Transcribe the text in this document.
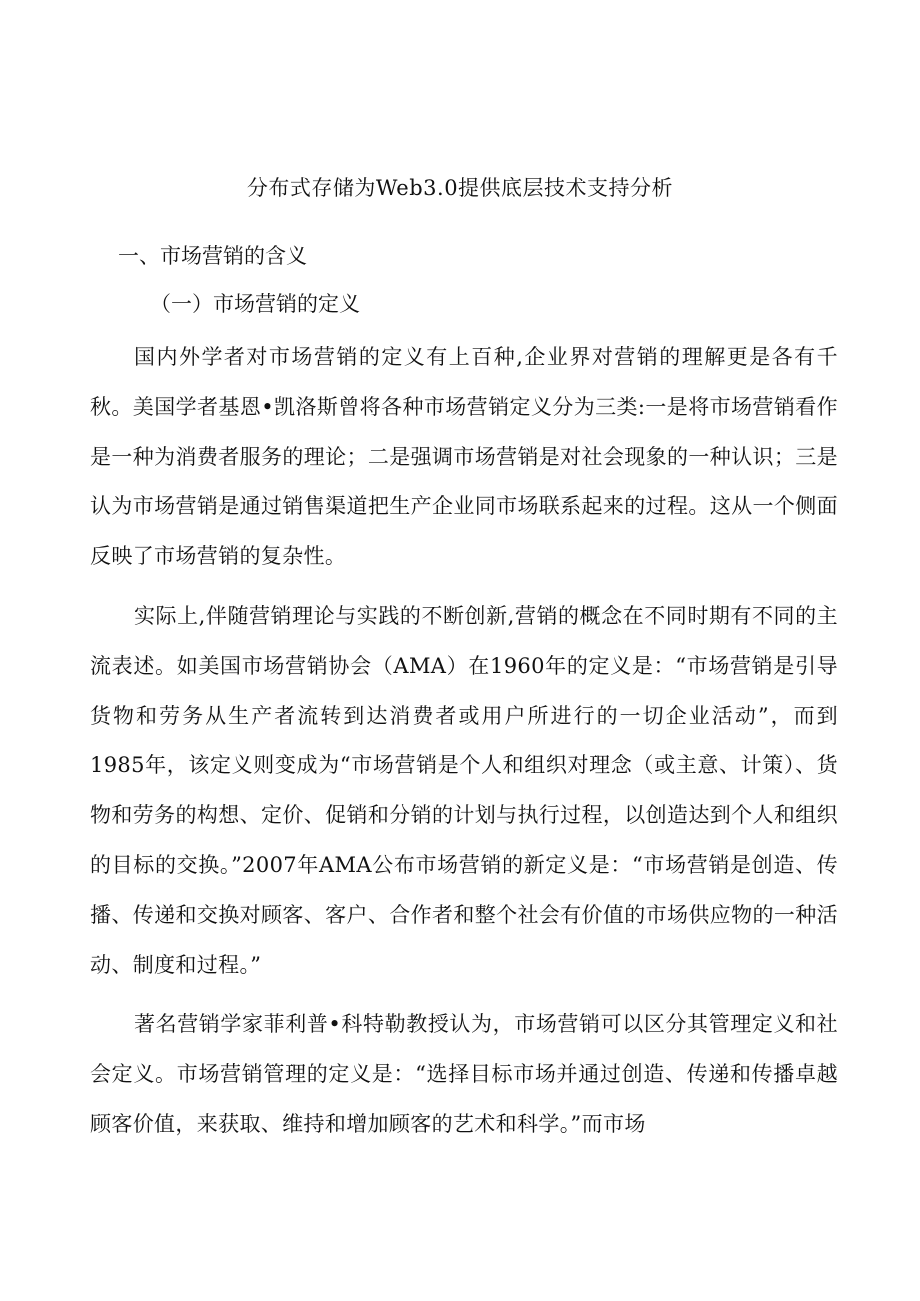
分布式存储为Web3.0提供底层技术支持分析
一、市场营销的含义
（一）市场营销的定义

国内外学者对市场营销的定义有上百种,企业界对营销的理解更是各有千秋。美国学者基恩•凯洛斯曾将各种市场营销定义分为三类:一是将市场营销看作是一种为消费者服务的理论；二是强调市场营销是对社会现象的一种认识；三是认为市场营销是通过销售渠道把生产企业同市场联系起来的过程。这从一个侧面反映了市场营销的复杂性。

实际上,伴随营销理论与实践的不断创新,营销的概念在不同时期有不同的主流表述。如美国市场营销协会（AMA）在1960年的定义是：“市场营销是引导货物和劳务从生产者流转到达消费者或用户所进行的一切企业活动”，而到1985年，该定义则变成为“市场营销是个人和组织对理念（或主意、计策）、货物和劳务的构想、定价、促销和分销的计划与执行过程，以创造达到个人和组织的目标的交换。”2007年AMA公布市场营销的新定义是：“市场营销是创造、传播、传递和交换对顾客、客户、合作者和整个社会有价值的市场供应物的一种活动、制度和过程。”

著名营销学家菲利普•科特勒教授认为，市场营销可以区分其管理定义和社会定义。市场营销管理的定义是：“选择目标市场并通过创造、传递和传播卓越顾客价值，来获取、维持和增加顾客的艺术和科学。”而市场
